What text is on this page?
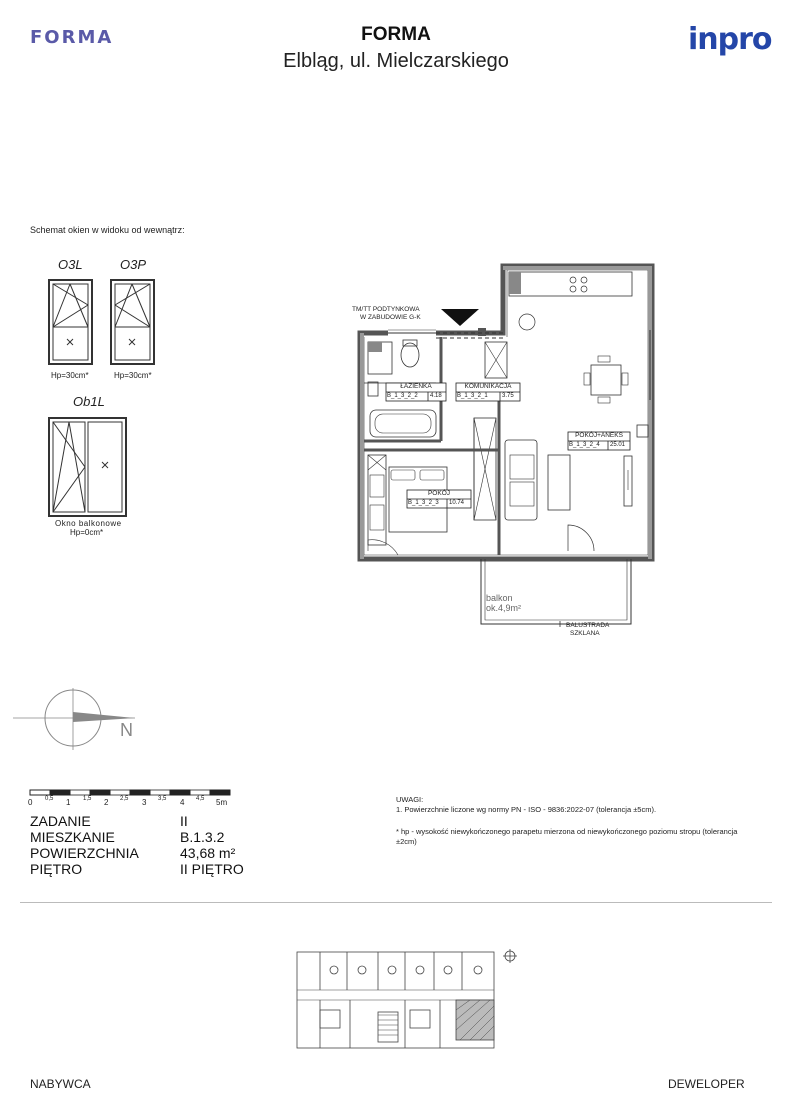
FORMA	FORMA
Elbląg, ul. Mielczarskiego
inpro
Schemat okien w widoku od wewnątrz:
O3L	O3P
Hp=30cm*	Hp=30cm*
Ob1L
Okno balkonowe
Hp=0cm*
TM/TT PODTYNKOWA
W ZABUDOWIE G-K
ŁAZIENKA
B_1_3_2_2 4.18
KOMUNIKACJA
B_1_3_2_1 3.75
POKÓJ+ANEKS
B_1_3_2_4 25.01
POKÓJ
B_1_3_2_3 10.74
balkon
ok.4,9m²
BALUSTRADA
SZKLANA
N
0 0,5 1 1,5 2 2,5 3 3,5 4 4,5 5m
ZADANIE	II
MIESZKANIE	B.1.3.2
POWIERZCHNIA	43,68 m²
PIĘTRO	II PIĘTRO
UWAGI:
1. Powierzchnie liczone wg normy PN - ISO - 9836:2022-07 (tolerancja ±5cm).
* hp - wysokość niewykończonego parapetu mierzona od niewykończonego poziomu stropu (tolerancja
±2cm)
NABYWCA	DEWELOPER
